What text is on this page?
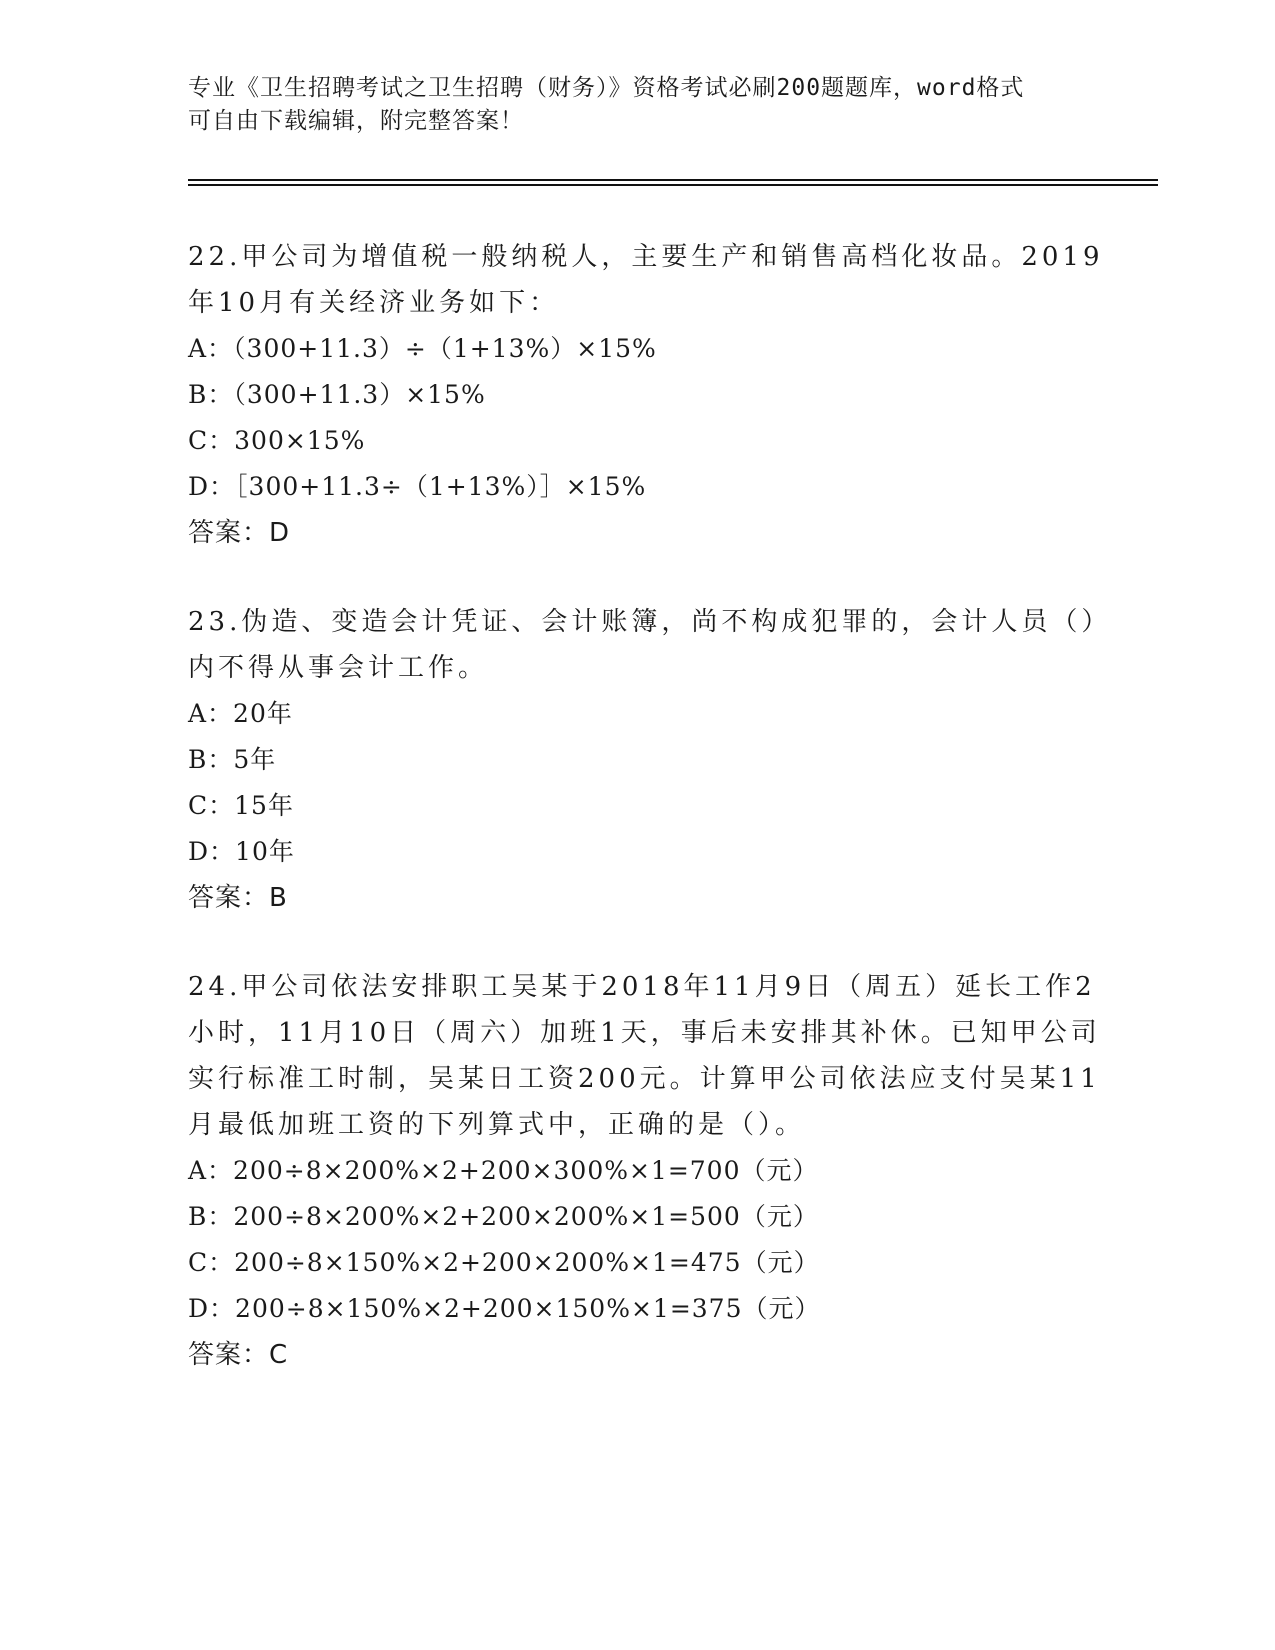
专业《卫生招聘考试之卫生招聘（财务）》资格考试必刷200题题库，word格式
可自由下载编辑，附完整答案！
22.甲公司为增值税一般纳税人，主要生产和销售高档化妆品。2019
年10月有关经济业务如下：
A：（300+11.3）÷（1+13%）×15%
B：（300+11.3）×15%
C：300×15%
D：［300+11.3÷（1+13%）］×15%
答案：D
23.伪造、变造会计凭证、会计账簿，尚不构成犯罪的，会计人员（）
内不得从事会计工作。
A：20年
B：5年
C：15年
D：10年
答案：B
24.甲公司依法安排职工吴某于2018年11月9日（周五）延长工作2
小时，11月10日（周六）加班1天，事后未安排其补休。已知甲公司
实行标准工时制，吴某日工资200元。计算甲公司依法应支付吴某11
月最低加班工资的下列算式中，正确的是（）。
A：200÷8×200%×2+200×300%×1=700（元）
B：200÷8×200%×2+200×200%×1=500（元）
C：200÷8×150%×2+200×200%×1=475（元）
D：200÷8×150%×2+200×150%×1=375（元）
答案：C
